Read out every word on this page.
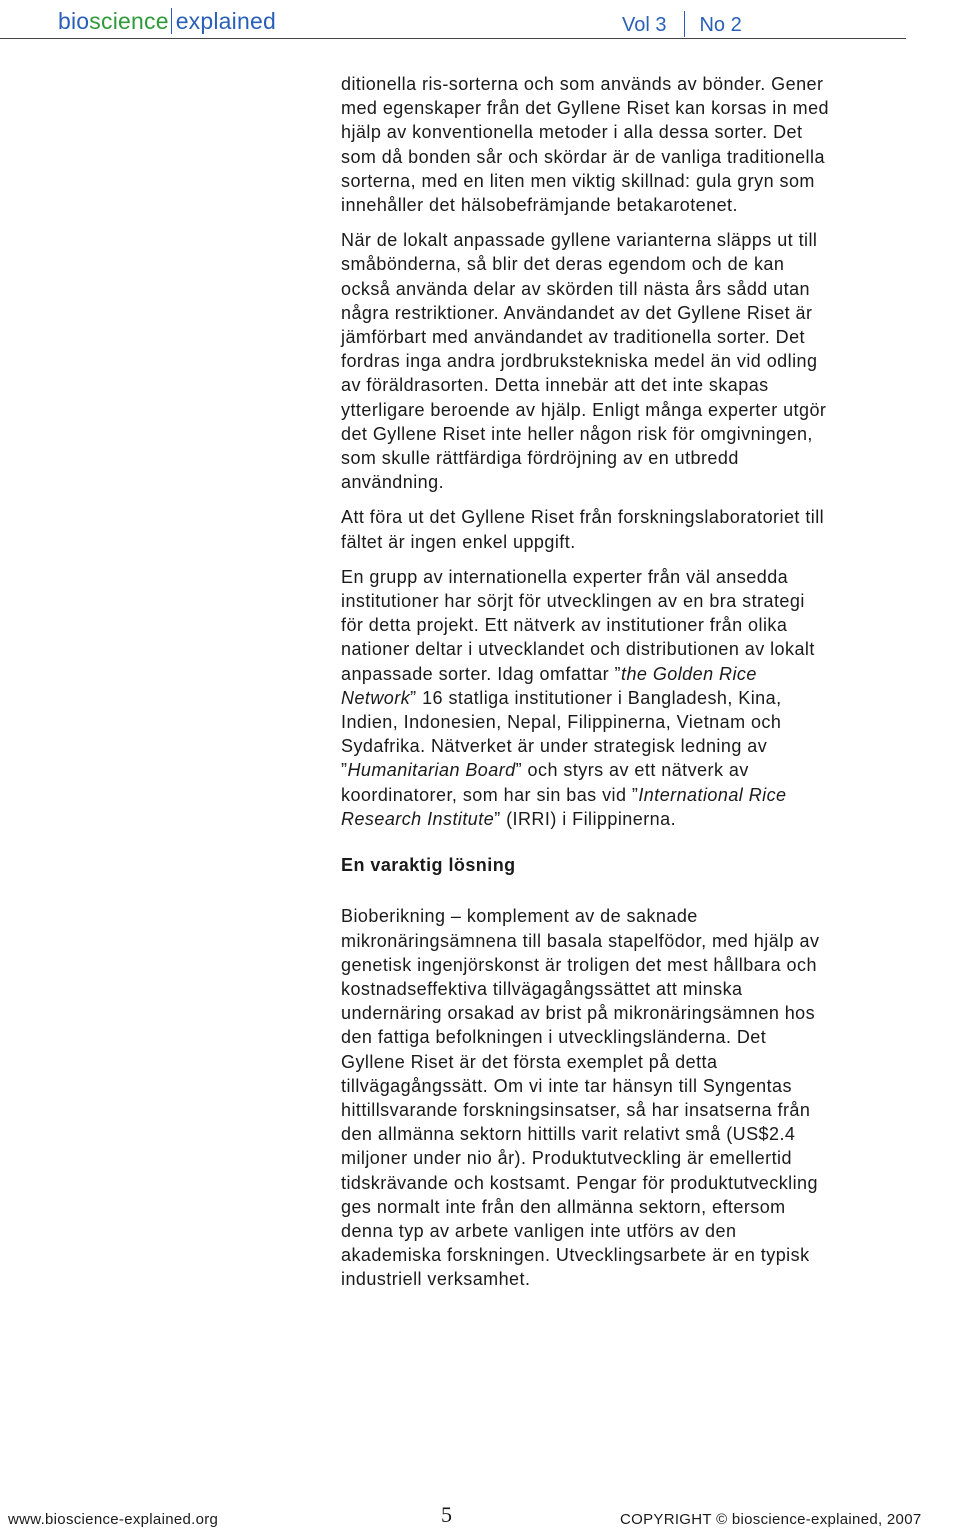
bioscience explained	Vol 3 No 2

ditionella ris-sorterna och som används av bönder. Gener med egenskaper från det Gyllene Riset kan korsas in med hjälp av konventionella metoder i alla dessa sorter. Det som då bonden sår och skördar är de vanliga traditionella sorterna, med en liten men viktig skillnad: gula gryn som innehåller det hälsobefrämjande betakarotenet.

När de lokalt anpassade gyllene varianterna släpps ut till småbönderna, så blir det deras egendom och de kan också använda delar av skörden till nästa års sådd utan några restriktioner. Användandet av det Gyllene Riset är jämförbart med användandet av traditionella sorter. Det fordras inga andra jordbrukstekniska medel än vid odling av föräldrasorten. Detta innebär att det inte skapas ytterligare beroende av hjälp. Enligt många experter utgör det Gyllene Riset inte heller någon risk för omgivningen, som skulle rättfärdiga fördröjning av en utbredd användning.

Att föra ut det Gyllene Riset från forskningslaboratoriet till fältet är ingen enkel uppgift.

En grupp av internationella experter från väl ansedda institutioner har sörjt för utvecklingen av en bra strategi för detta projekt. Ett nätverk av institutioner från olika nationer deltar i utvecklandet och distributionen av lokalt anpassade sorter. Idag omfattar ”the Golden Rice Network” 16 statliga institutioner i Bangladesh, Kina, Indien, Indonesien, Nepal, Filippinerna, Vietnam och Sydafrika. Nätverket är under strategisk ledning av ”Humanitarian Board” och styrs av ett nätverk av koordinatorer, som har sin bas vid ”International Rice Research Institute” (IRRI) i Filippinerna.

En varaktig lösning

Bioberikning – komplement av de saknade mikronäringsämnena till basala stapelfödor, med hjälp av genetisk ingenjörskonst är troligen det mest hållbara och kostnadseffektiva tillvägagångssättet att minska undernäring orsakad av brist på mikronäringsämnen hos den fattiga befolkningen i utvecklingsländerna. Det Gyllene Riset är det första exemplet på detta tillvägagångssätt. Om vi inte tar hänsyn till Syngentas hittillsvarande forskningsinsatser, så har insatserna från den allmänna sektorn hittills varit relativt små (US$2.4 miljoner under nio år). Produktutveckling är emellertid tidskrävande och kostsamt. Pengar för produktutveckling ges normalt inte från den allmänna sektorn, eftersom denna typ av arbete vanligen inte utförs av den akademiska forskningen. Utvecklingsarbete är en typisk industriell verksamhet.

www.bioscience-explained.org	5	COPYRIGHT © bioscience-explained, 2007
